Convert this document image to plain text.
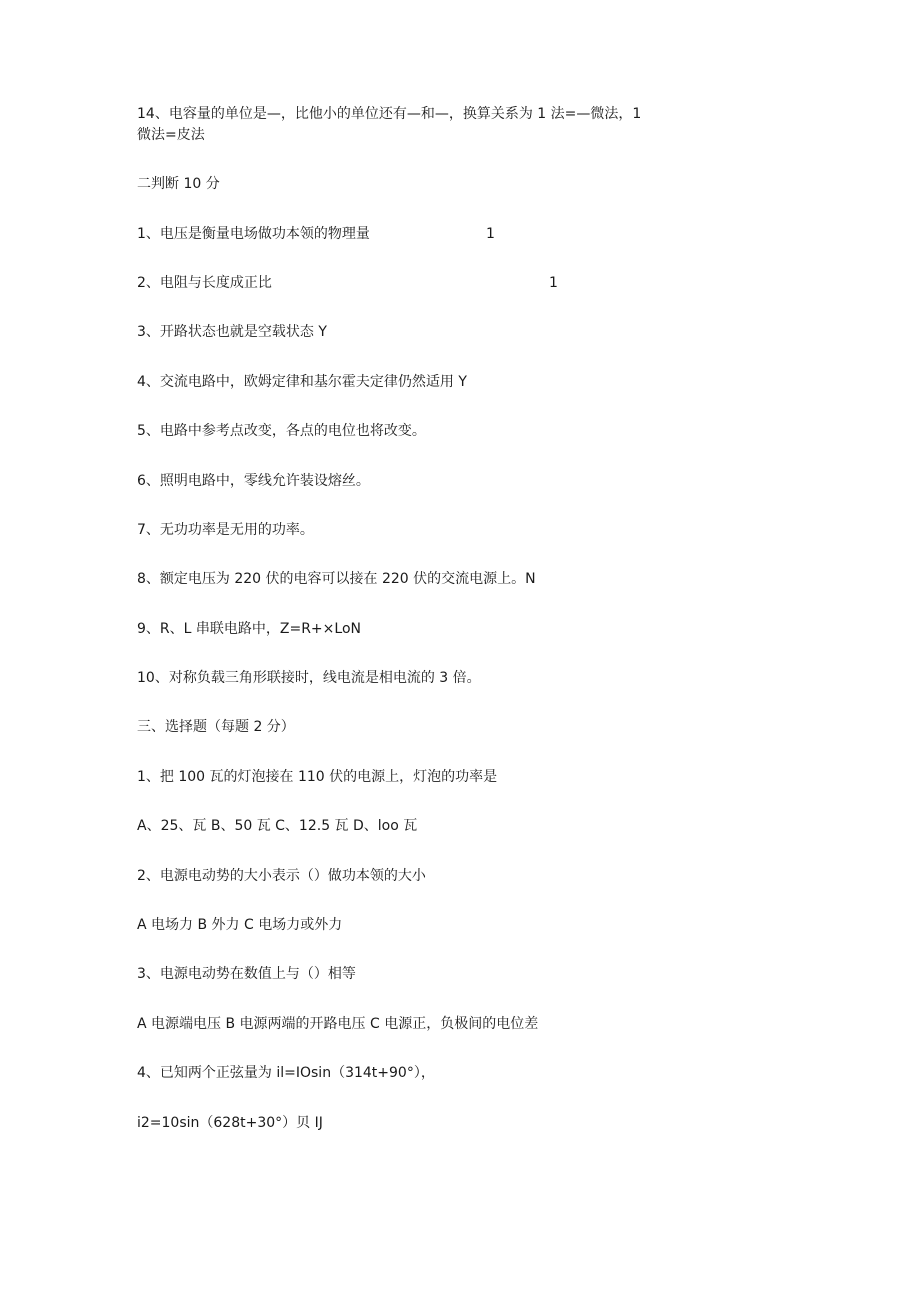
14、电容量的单位是—，比他小的单位还有—和—，换算关系为 1 法=—微法，1
微法=皮法
二判断 10 分
1、电压是衡量电场做功本领的物理量	1
2、电阻与长度成正比	1
3、开路状态也就是空载状态 Y
4、交流电路中，欧姆定律和基尔霍夫定律仍然适用 Y
5、电路中参考点改变，各点的电位也将改变。
6、照明电路中，零线允许装设熔丝。
7、无功功率是无用的功率。
8、额定电压为 220 伏的电容可以接在 220 伏的交流电源上。N
9、R、L 串联电路中，Z=R+×LoN
10、对称负载三角形联接时，线电流是相电流的 3 倍。
三、选择题（每题 2 分）
1、把 100 瓦的灯泡接在 110 伏的电源上，灯泡的功率是
A、25、瓦 B、50 瓦 C、12.5 瓦 D、loo 瓦
2、电源电动势的大小表示（）做功本领的大小
A 电场力 B 外力 C 电场力或外力
3、电源电动势在数值上与（）相等
A 电源端电压 B 电源两端的开路电压 C 电源正，负极间的电位差
4、已知两个正弦量为 il=IOsin（314t+90°），
i2=10sin（628t+30°）贝 IJ
